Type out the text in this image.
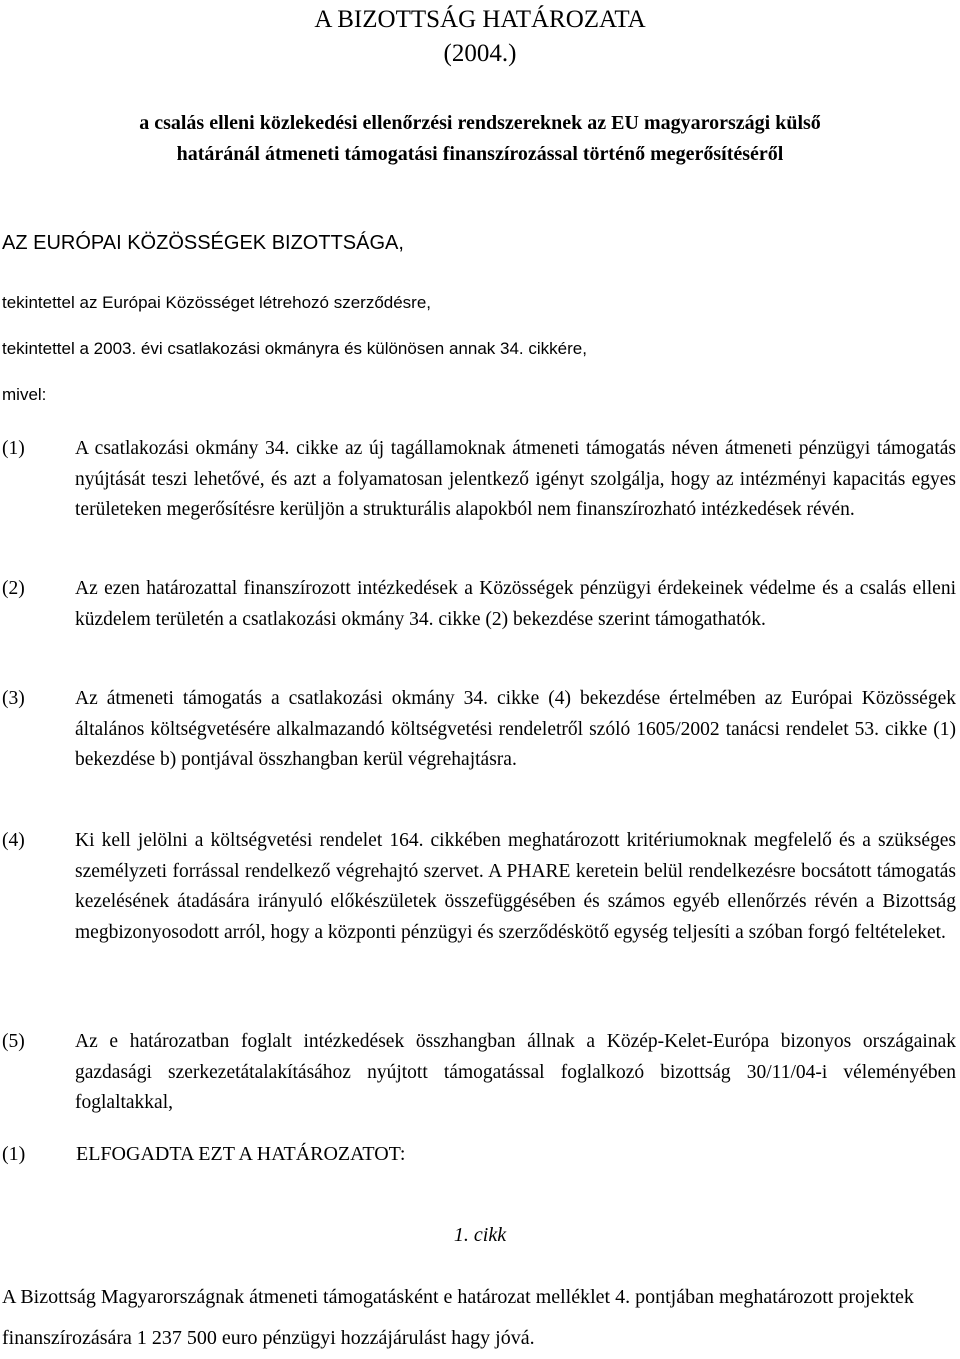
A BIZOTTSÁG HATÁROZATA
(2004.)
a csalás elleni közlekedési ellenőrzési rendszereknek az EU magyarországi külső
határánál átmeneti támogatási finanszírozással történő megerősítéséről
AZ EURÓPAI KÖZÖSSÉGEK BIZOTTSÁGA,
tekintettel az Európai Közösséget létrehozó szerződésre,
tekintettel a 2003. évi csatlakozási okmányra és különösen annak 34. cikkére,
mivel:
(1)	A csatlakozási okmány 34. cikke az új tagállamoknak átmeneti támogatás néven átmeneti pénzügyi támogatás nyújtását teszi lehetővé, és azt a folyamatosan jelentkező igényt szolgálja, hogy az intézményi kapacitás egyes területeken megerősítésre kerüljön a strukturális alapokból nem finanszírozható intézkedések révén.
(2)	Az ezen határozattal finanszírozott intézkedések a Közösségek pénzügyi érdekeinek védelme és a csalás elleni küzdelem területén a csatlakozási okmány 34. cikke (2) bekezdése szerint támogathatók.
(3)	Az átmeneti támogatás a csatlakozási okmány 34. cikke (4) bekezdése értelmében az Európai Közösségek általános költségvetésére alkalmazandó költségvetési rendeletről szóló 1605/2002 tanácsi rendelet 53. cikke (1) bekezdése b) pontjával összhangban kerül végrehajtásra.
(4)	Ki kell jelölni a költségvetési rendelet 164. cikkében meghatározott kritériumoknak megfelelő és a szükséges személyzeti forrással rendelkező végrehajtó szervet. A PHARE keretein belül rendelkezésre bocsátott támogatás kezelésének átadására irányuló előkészületek összefüggésében és számos egyéb ellenőrzés révén a Bizottság megbizonyosodott arról, hogy a központi pénzügyi és szerződéskötő egység teljesíti a szóban forgó feltételeket.
(5)	Az e határozatban foglalt intézkedések összhangban állnak a Közép-Kelet-Európa bizonyos országainak gazdasági szerkezetátalakításához nyújtott támogatással foglalkozó bizottság 30/11/04-i véleményében foglaltakkal,
(1)	ELFOGADTA EZT A HATÁROZATOT:
1. cikk
A Bizottság Magyarországnak átmeneti támogatásként e határozat melléklet 4. pontjában meghatározott projektek finanszírozására 1 237 500 euro pénzügyi hozzájárulást hagy jóvá.
